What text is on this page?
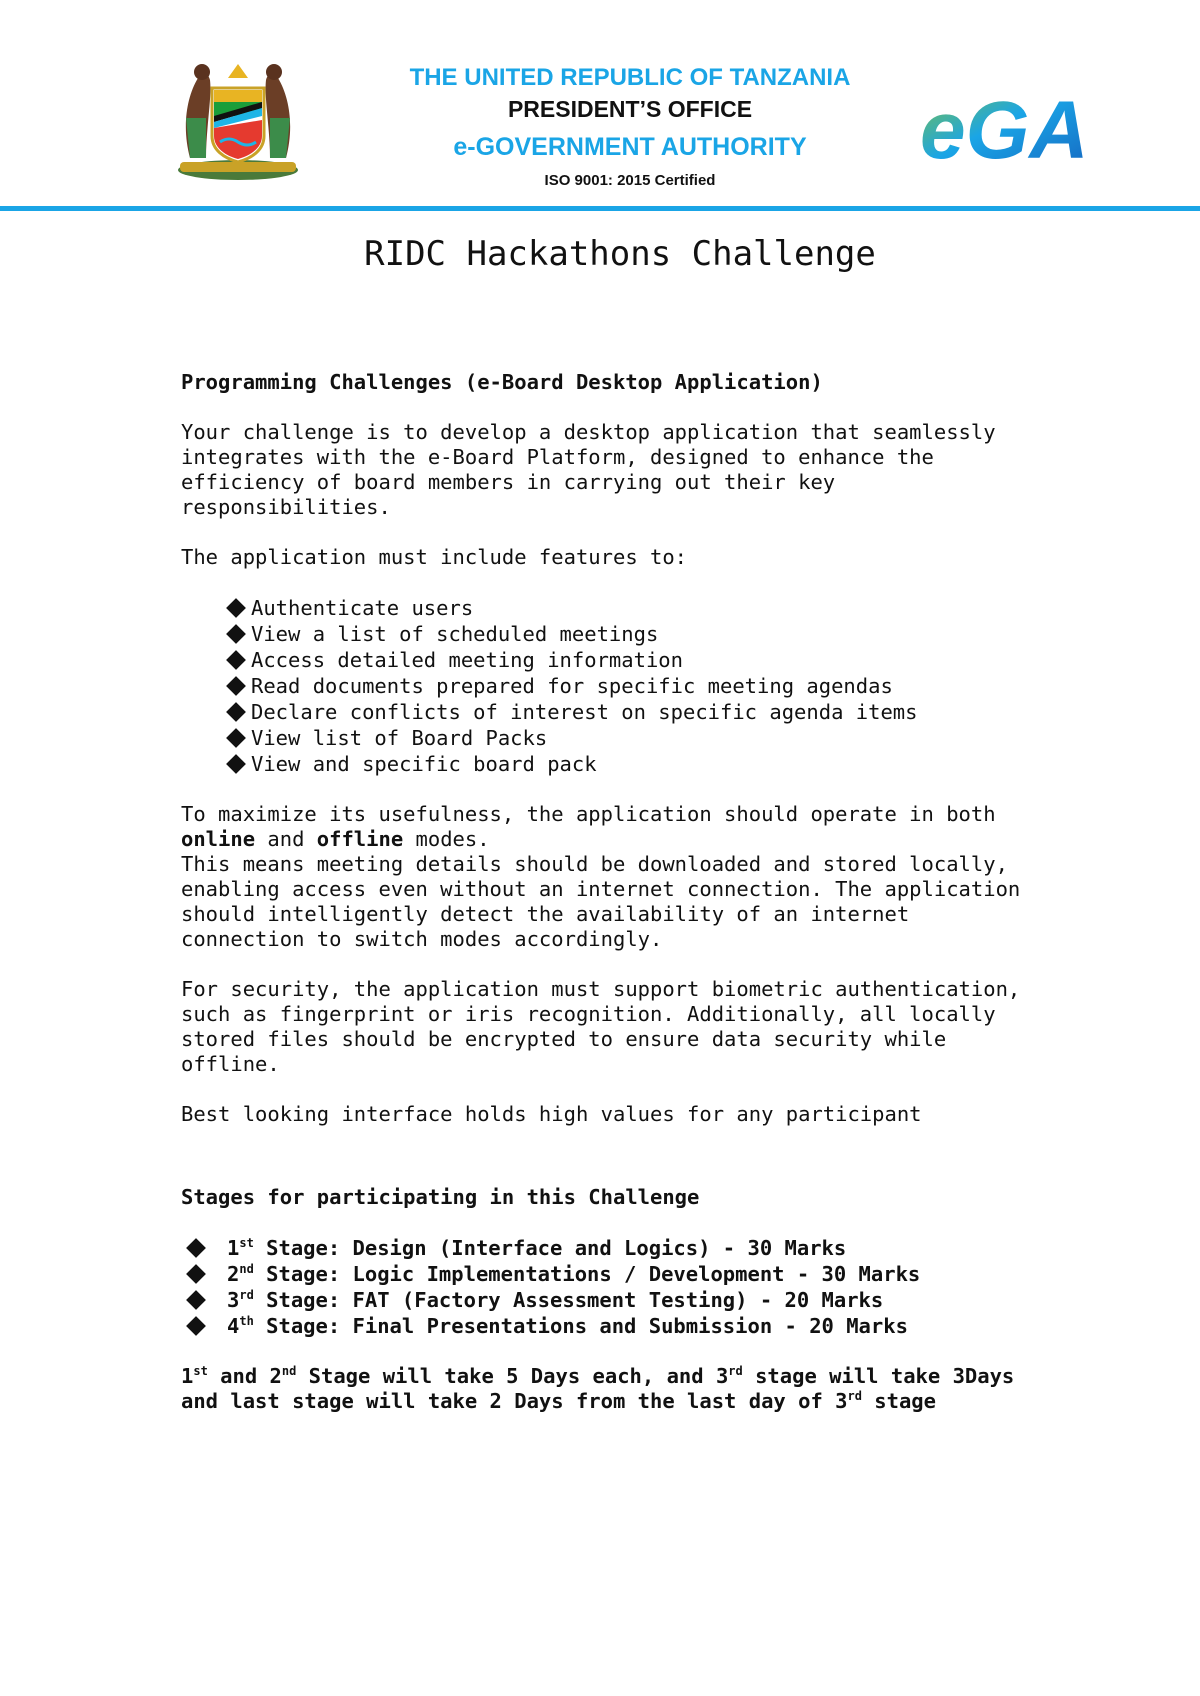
THE UNITED REPUBLIC OF TANZANIA
PRESIDENT’S OFFICE
e-GOVERNMENT AUTHORITY
ISO 9001: 2015 Certified
eGA
RIDC Hackathons Challenge
Programming Challenges (e-Board Desktop Application)
Your challenge is to develop a desktop application that seamlessly
integrates with the e-Board Platform, designed to enhance the
efficiency of board members in carrying out their key
responsibilities.
The application must include features to:
Authenticate users
View a list of scheduled meetings
Access detailed meeting information
Read documents prepared for specific meeting agendas
Declare conflicts of interest on specific agenda items
View list of Board Packs
View and specific board pack
To maximize its usefulness, the application should operate in both
online and offline modes.
This means meeting details should be downloaded and stored locally,
enabling access even without an internet connection. The application
should intelligently detect the availability of an internet
connection to switch modes accordingly.
For security, the application must support biometric authentication,
such as fingerprint or iris recognition. Additionally, all locally
stored files should be encrypted to ensure data security while
offline.
Best looking interface holds high values for any participant
Stages for participating in this Challenge
1st Stage: Design (Interface and Logics) - 30 Marks
2nd Stage: Logic Implementations / Development - 30 Marks
3rd Stage: FAT (Factory Assessment Testing) - 20 Marks
4th Stage: Final Presentations and Submission - 20 Marks
1st and 2nd Stage will take 5 Days each, and 3rd stage will take 3Days
and last stage will take 2 Days from the last day of 3rd stage
